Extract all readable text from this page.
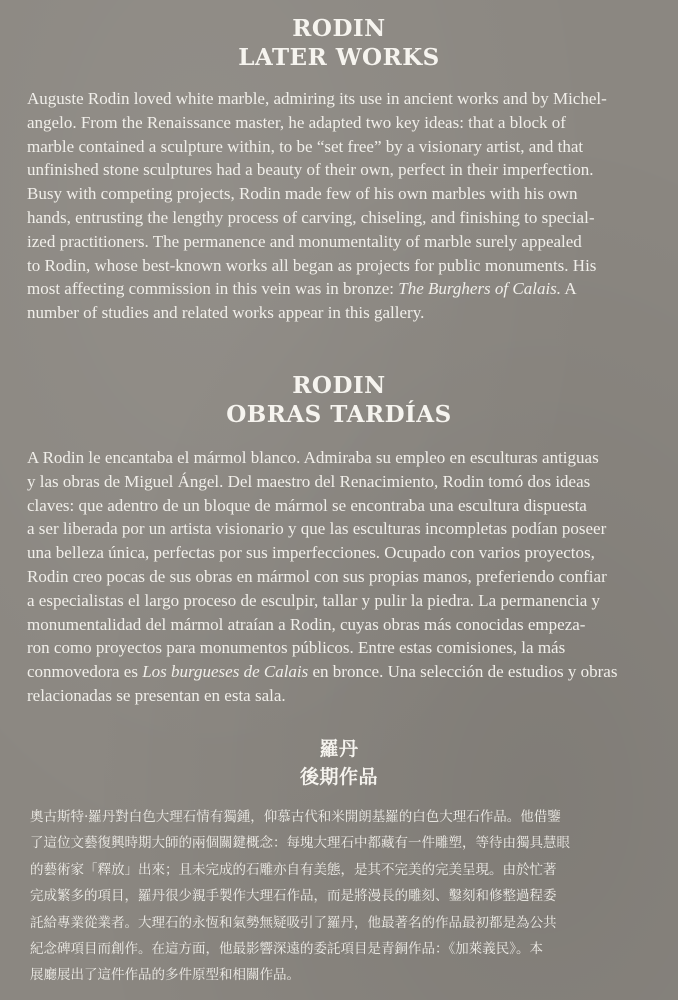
RODIN
LATER WORKS
Auguste Rodin loved white marble, admiring its use in ancient works and by Michel-
angelo. From the Renaissance master, he adapted two key ideas: that a block of
marble contained a sculpture within, to be “set free” by a visionary artist, and that
unfinished stone sculptures had a beauty of their own, perfect in their imperfection.
Busy with competing projects, Rodin made few of his own marbles with his own
hands, entrusting the lengthy process of carving, chiseling, and finishing to special-
ized practitioners. The permanence and monumentality of marble surely appealed
to Rodin, whose best-known works all began as projects for public monuments. His
most affecting commission in this vein was in bronze: The Burghers of Calais. A
number of studies and related works appear in this gallery.
RODIN
OBRAS TARDÍAS
A Rodin le encantaba el mármol blanco. Admiraba su empleo en esculturas antiguas
y las obras de Miguel Ángel. Del maestro del Renacimiento, Rodin tomó dos ideas
claves: que adentro de un bloque de mármol se encontraba una escultura dispuesta
a ser liberada por un artista visionario y que las esculturas incompletas podían poseer
una belleza única, perfectas por sus imperfecciones. Ocupado con varios proyectos,
Rodin creo pocas de sus obras en mármol con sus propias manos, preferiendo confiar
a especialistas el largo proceso de esculpir, tallar y pulir la piedra. La permanencia y
monumentalidad del mármol atraían a Rodin, cuyas obras más conocidas empeza-
ron como proyectos para monumentos públicos. Entre estas comisiones, la más
conmovedora es Los burgueses de Calais en bronce. Una selección de estudios y obras
relacionadas se presentan en esta sala.
羅丹
後期作品
奧古斯特·羅丹對白色大理石情有獨鍾，仰慕古代和米開朗基羅的白色大理石作品。他借鑒
了這位文藝復興時期大師的兩個關鍵概念：每塊大理石中都藏有一件雕塑，等待由獨具慧眼
的藝術家「釋放」出來；且未完成的石雕亦自有美態，是其不完美的完美呈現。由於忙著
完成繁多的項目，羅丹很少親手製作大理石作品，而是將漫長的雕刻、鑿刻和修整過程委
託給專業從業者。大理石的永恆和氣勢無疑吸引了羅丹，他最著名的作品最初都是為公共
紀念碑項目而創作。在這方面，他最影響深遠的委託項目是青銅作品：《加萊義民》。本
展廳展出了這件作品的多件原型和相關作品。
